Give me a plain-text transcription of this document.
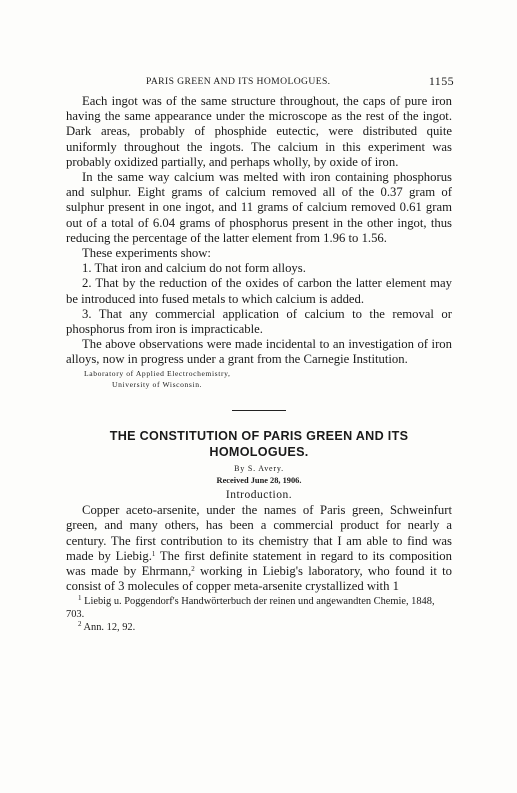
PARIS GREEN AND ITS HOMOLOGUES.	1155

Each ingot was of the same structure throughout, the caps of pure iron having the same appearance under the microscope as the rest of the ingot. Dark areas, probably of phosphide eutectic, were distributed quite uniformly throughout the ingots. The calcium in this experiment was probably oxidized partially, and perhaps wholly, by oxide of iron.

In the same way calcium was melted with iron containing phosphorus and sulphur. Eight grams of calcium removed all of the 0.37 gram of sulphur present in one ingot, and 11 grams of calcium removed 0.61 gram out of a total of 6.04 grams of phosphorus present in the other ingot, thus reducing the percentage of the latter element from 1.96 to 1.56.

These experiments show:

1. That iron and calcium do not form alloys.

2. That by the reduction of the oxides of carbon the latter element may be introduced into fused metals to which calcium is added.

3. That any commercial application of calcium to the removal or phosphorus from iron is impracticable.

The above observations were made incidental to an investigation of iron alloys, now in progress under a grant from the Carnegie Institution.

Laboratory of Applied Electrochemistry,
University of Wisconsin.
THE CONSTITUTION OF PARIS GREEN AND ITS HOMOLOGUES.
By S. Avery.
Received June 28, 1906.
Introduction.

Copper aceto-arsenite, under the names of Paris green, Schweinfurt green, and many others, has been a commercial product for nearly a century. The first contribution to its chemistry that I am able to find was made by Liebig.$^1$ The first definite statement in regard to its composition was made by Ehrmann,$^2$ working in Liebig's laboratory, who found it to consist of 3 molecules of copper meta-arsenite crystallized with 1

$^1$ Liebig u. Poggendorf's Handwörterbuch der reinen und angewandten Chemie, 1848, 703.

$^2$ Ann. 12, 92.
